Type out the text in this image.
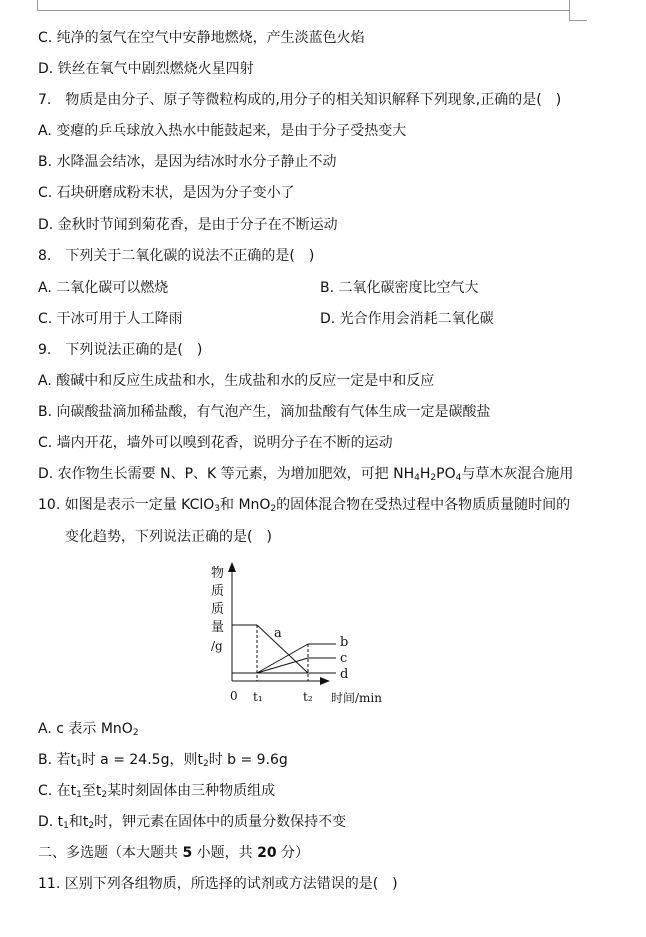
C. 纯净的氢气在空气中安静地燃烧，产生淡蓝色火焰
D. 铁丝在氧气中剧烈燃烧火星四射
7.　物质是由分子、原子等微粒构成的,用分子的相关知识解释下列现象,正确的是(　)
A. 变瘪的乒乓球放入热水中能鼓起来，是由于分子受热变大
B. 水降温会结冰，是因为结冰时水分子静止不动
C. 石块研磨成粉末状，是因为分子变小了
D. 金秋时节闻到菊花香，是由于分子在不断运动
8.　下列关于二氧化碳的说法不正确的是(　)
A. 二氧化碳可以燃烧	B. 二氧化碳密度比空气大
C. 干冰可用于人工降雨	D. 光合作用会消耗二氧化碳
9.　下列说法正确的是(　)
A. 酸碱中和反应生成盐和水，生成盐和水的反应一定是中和反应
B. 向碳酸盐滴加稀盐酸，有气泡产生，滴加盐酸有气体生成一定是碳酸盐
C. 墙内开花，墙外可以嗅到花香，说明分子在不断的运动
D. 农作物生长需要 N、P、K 等元素，为增加肥效，可把 $NH_4H_2PO_4$与草木灰混合施用
10. 如图是表示一定量 KClO$_3$和 MnO$_2$的固体混合物在受热过程中各物质质量随时间的
变化趋势，下列说法正确的是(　)
物
质
质
量
/g
a
b
c
d
0 t₁	t₂ 时间/min
A. c 表示 MnO$_2$
B. 若$t_1$时 a = 24.5g，则$t_2$时 b = 9.6g
C. 在$t_1$至$t_2$某时刻固体由三种物质组成
D. $t_1$和$t_2$时，钾元素在固体中的质量分数保持不变
二、多选题（本大题共 5 小题，共 20 分）
11. 区别下列各组物质，所选择的试剂或方法错误的是(　)
